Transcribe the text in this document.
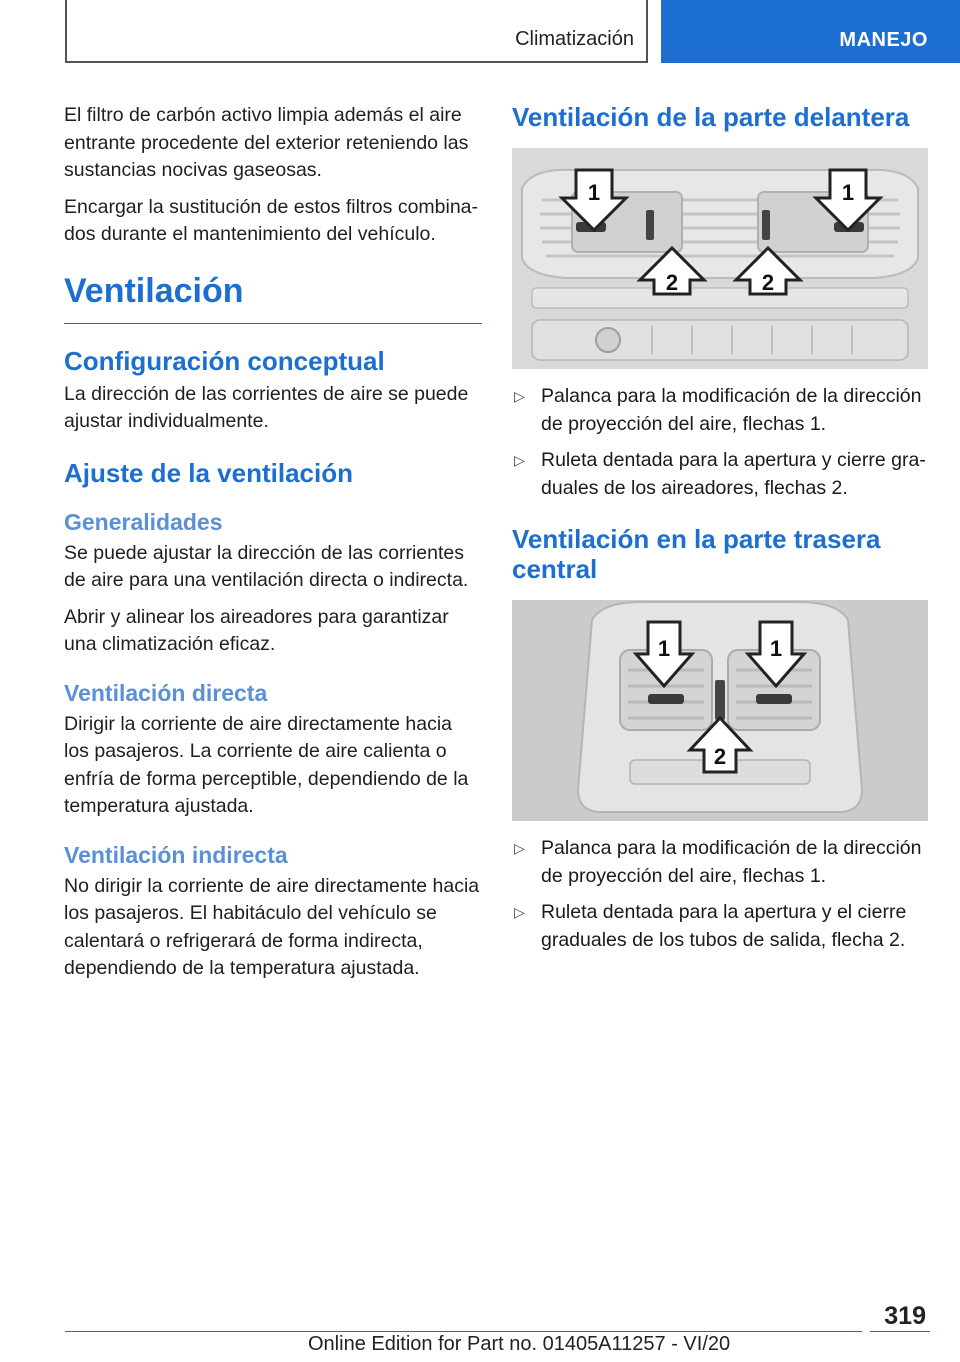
Climatización	MANEJO

El filtro de carbón activo limpia además el aire entrante procedente del exterior reteniendo las sustancias nocivas gaseosas.

Encargar la sustitución de estos filtros combinados durante el mantenimiento del vehículo.

Ventilación
Configuración conceptual

La dirección de las corrientes de aire se puede ajustar individualmente.

Ajuste de la ventilación
Generalidades

Se puede ajustar la dirección de las corrientes de aire para una ventilación directa o indirecta.

Abrir y alinear los aireadores para garantizar una climatización eficaz.

Ventilación directa

Dirigir la corriente de aire directamente hacia los pasajeros. La corriente de aire calienta o enfría de forma perceptible, dependiendo de la temperatura ajustada.

Ventilación indirecta

No dirigir la corriente de aire directamente hacia los pasajeros. El habitáculo del vehículo se calentará o refrigerará de forma indirecta, dependiendo de la temperatura ajustada.

Ventilación de la parte delantera
1	1
2	2
▷ Palanca para la modificación de la dirección de proyección del aire, flechas 1.
▷ Ruleta dentada para la apertura y cierre graduales de los aireadores, flechas 2.
Ventilación en la parte trasera central
1	1
2
▷ Palanca para la modificación de la dirección de proyección del aire, flechas 1.
▷ Ruleta dentada para la apertura y el cierre graduales de los tubos de salida, flecha 2.
319
Online Edition for Part no. 01405A11257 - VI/20
